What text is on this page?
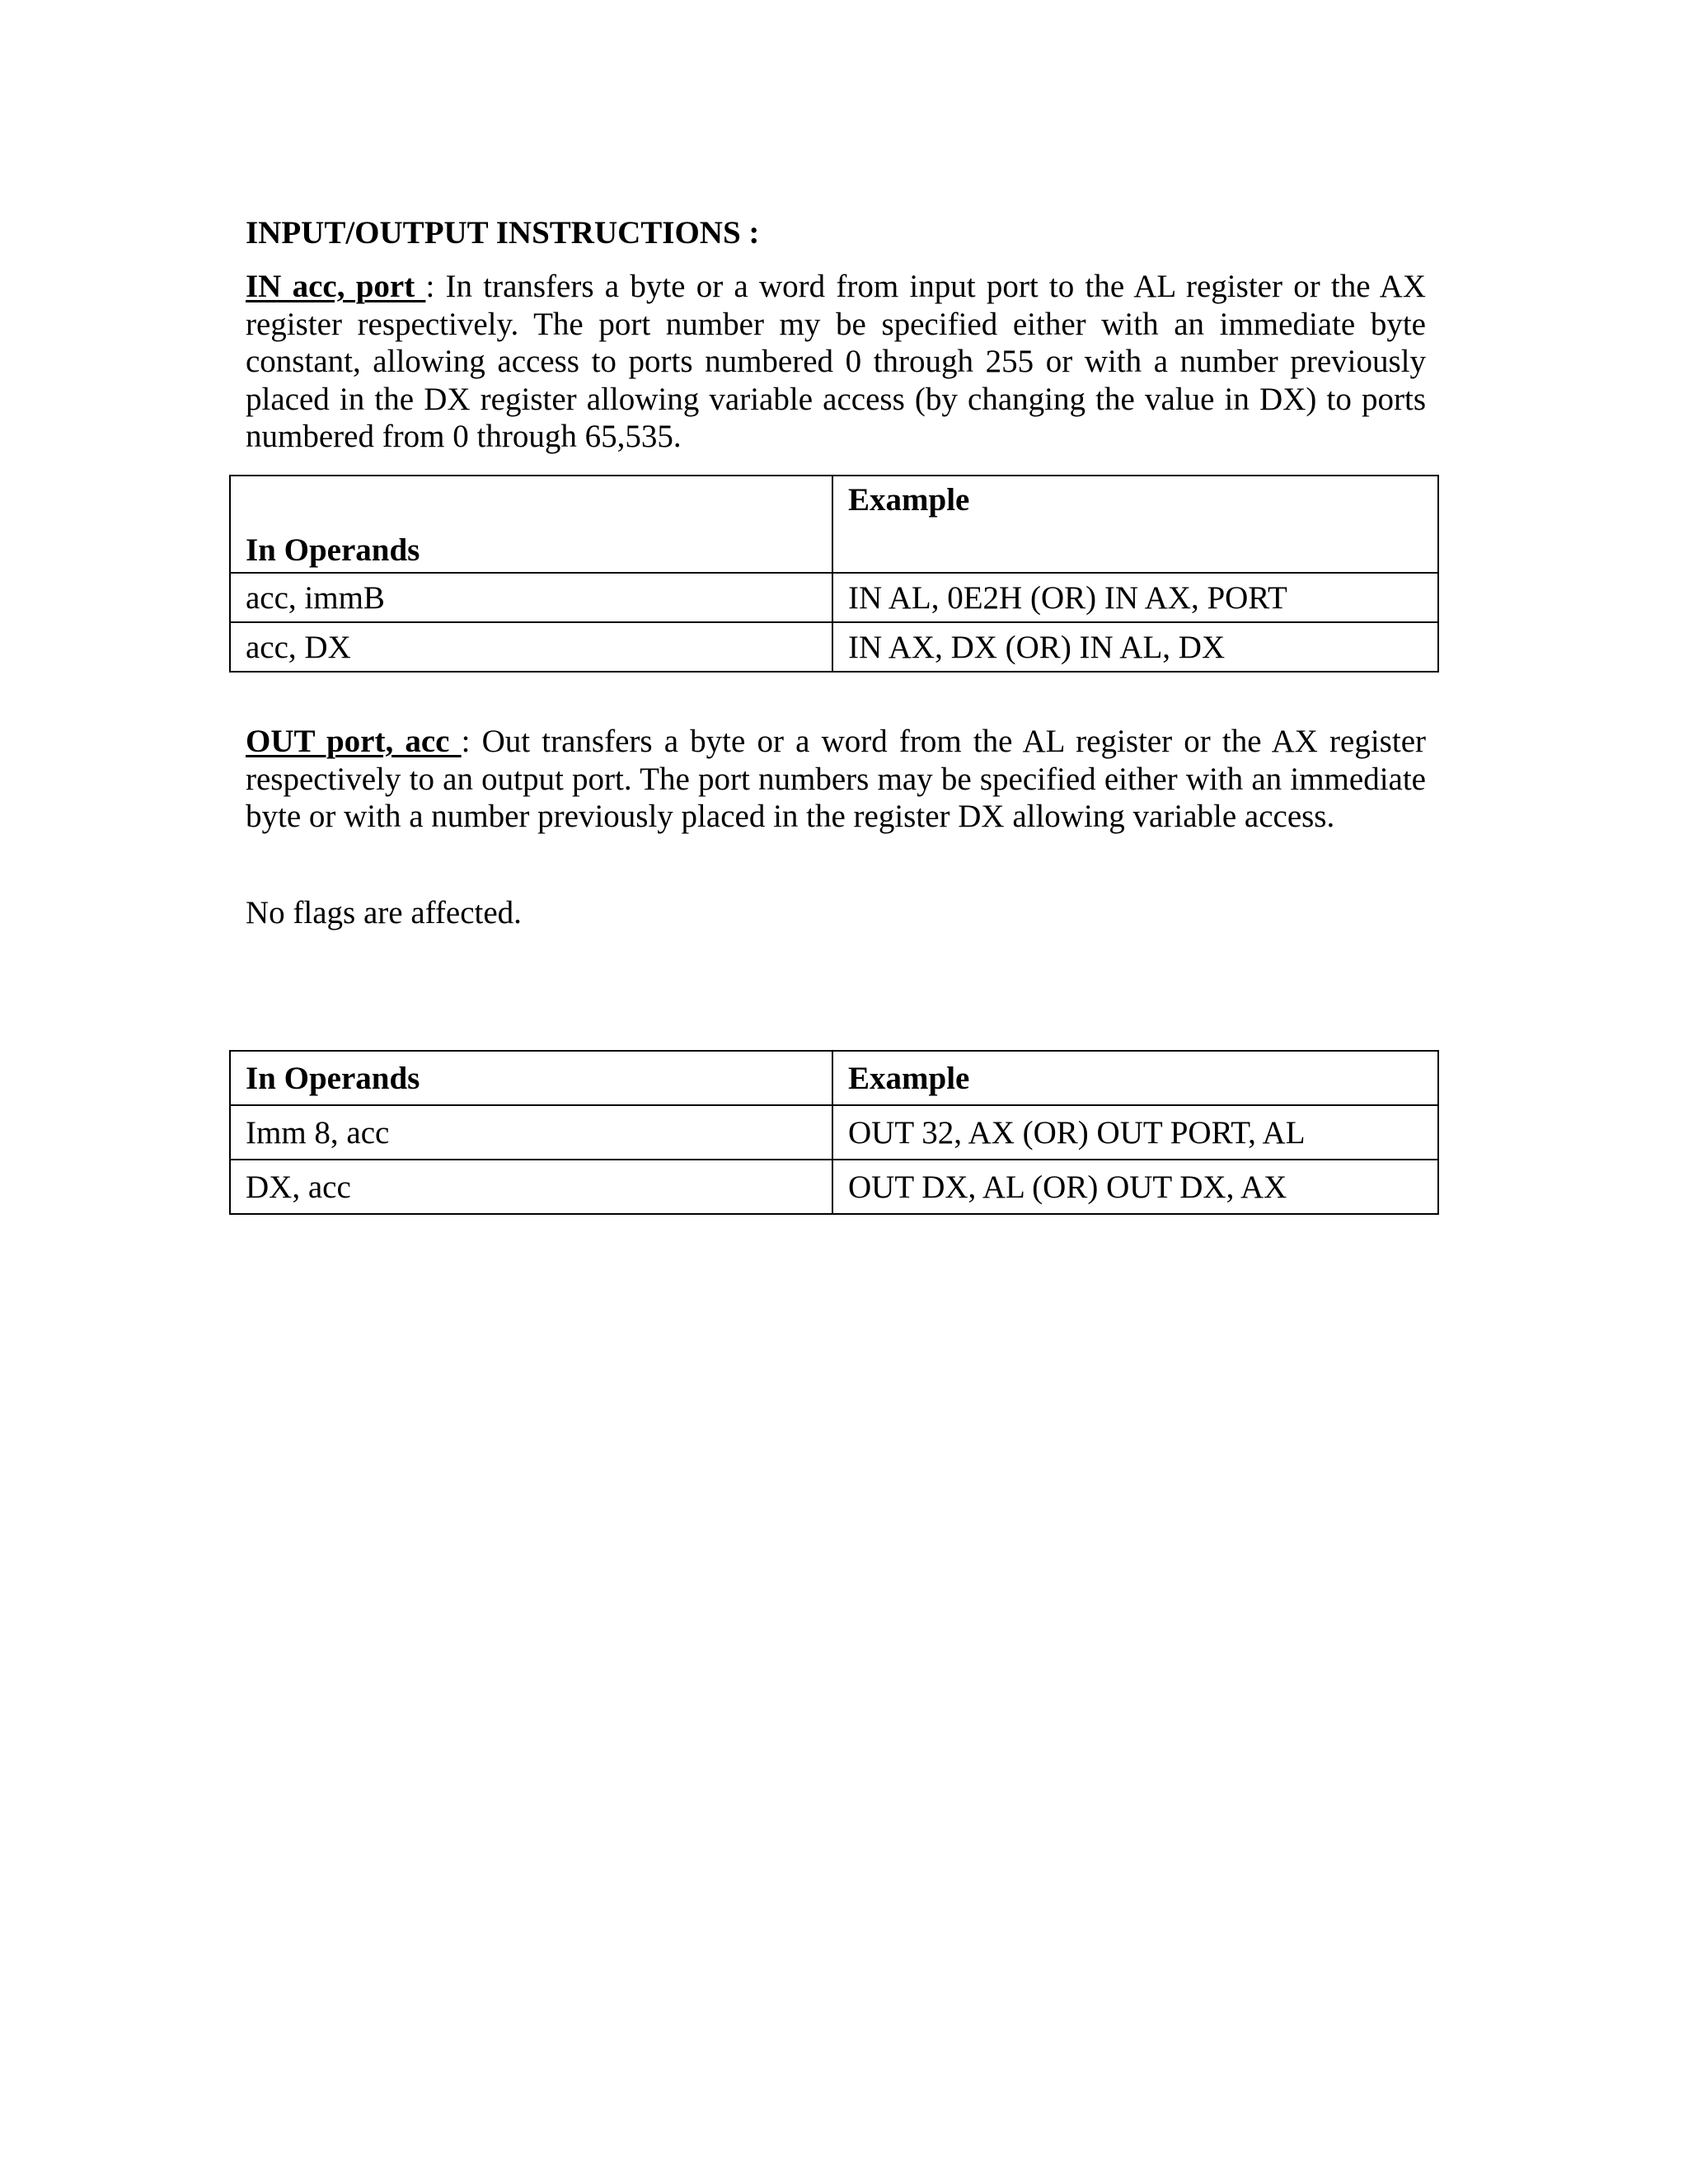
INPUT/OUTPUT INSTRUCTIONS :
IN acc, port : In transfers a byte or a word from input port to the AL register or the AX register respectively. The port number my be specified either with an immediate byte constant, allowing access to ports numbered 0 through 255 or with a number previously placed in the DX register allowing variable access (by changing the value in DX) to ports numbered from 0 through 65,535.
In Operands	Example
acc, immB	IN AL, 0E2H (OR) IN AX, PORT
acc, DX	IN AX, DX (OR) IN AL, DX
OUT port, acc : Out transfers a byte or a word from the AL register or the AX register respectively to an output port. The port numbers may be specified either with an immediate byte or with a number previously placed in the register DX allowing variable access.
No flags are affected.
In Operands	Example
Imm 8, acc	OUT 32, AX (OR) OUT PORT, AL
DX, acc	OUT DX, AL (OR) OUT DX, AX
